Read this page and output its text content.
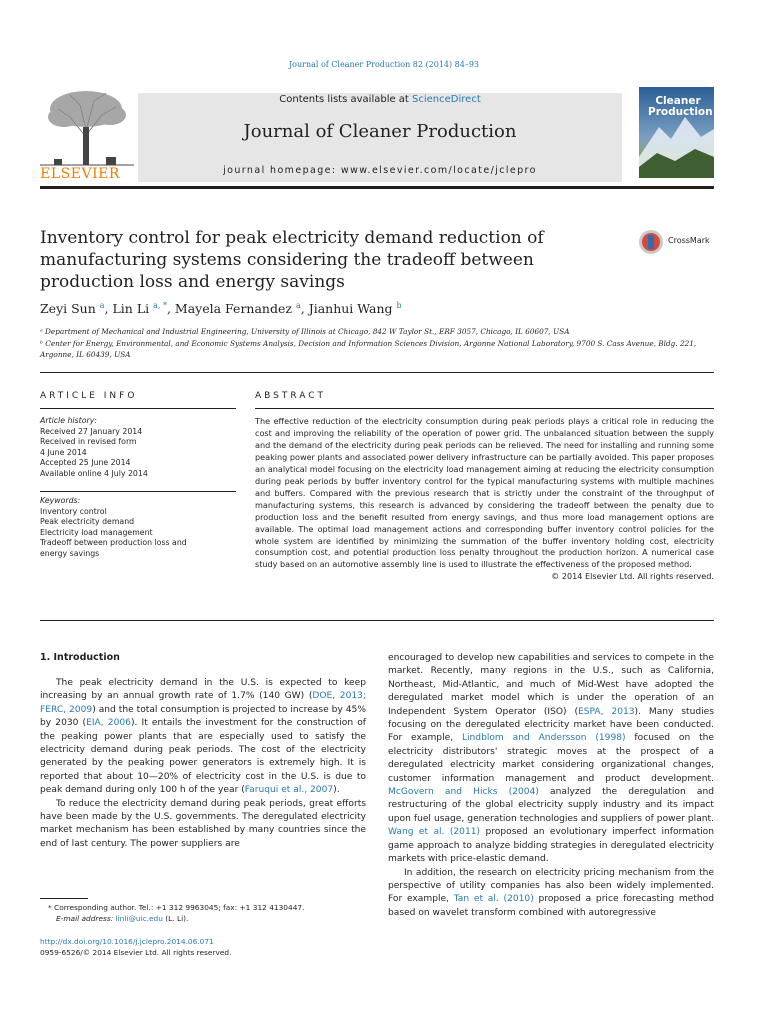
Journal of Cleaner Production 82 (2014) 84–93
ELSEVIER
Contents lists available at ScienceDirect
Journal of Cleaner Production
journal homepage: www.elsevier.com/locate/jclepro
Cleaner
Production
Inventory control for peak electricity demand reduction of manufacturing systems considering the tradeoff between production loss and energy savings
CrossMark
Zeyi Sun $^a$, Lin Li $^{a, *}$, Mayela Fernandez $^a$, Jianhui Wang $^b$
ᵃ Department of Mechanical and Industrial Engineering, University of Illinois at Chicago, 842 W Taylor St., ERF 3057, Chicago, IL 60607, USA
ᵇ Center for Energy, Environmental, and Economic Systems Analysis, Decision and Information Sciences Division, Argonne National Laboratory, 9700 S. Cass Avenue, Bldg. 221, Argonne, IL 60439, USA
ARTICLE INFO
Article history:
Received 27 January 2014
Received in revised form
4 June 2014
Accepted 25 June 2014
Available online 4 July 2014
Keywords:
Inventory control
Peak electricity demand
Electricity load management
Tradeoff between production loss and
energy savings
ABSTRACT
The effective reduction of the electricity consumption during peak periods plays a critical role in reducing the cost and improving the reliability of the operation of power grid. The unbalanced situation between the supply and the demand of the electricity during peak periods can be relieved. The need for installing and running some peaking power plants and associated power delivery infrastructure can be partially avoided. This paper proposes an analytical model focusing on the electricity load management aiming at reducing the electricity consumption during peak periods by buffer inventory control for the typical manufacturing systems with multiple machines and buffers. Compared with the previous research that is strictly under the constraint of the throughput of manufacturing systems, this research is advanced by considering the tradeoff between the penalty due to production loss and the benefit resulted from energy savings, and thus more load management options are available. The optimal load management actions and corresponding buffer inventory control policies for the whole system are identified by minimizing the summation of the buffer inventory holding cost, electricity consumption cost, and potential production loss penalty throughout the production horizon. A numerical case study based on an automotive assembly line is used to illustrate the effectiveness of the proposed method.
© 2014 Elsevier Ltd. All rights reserved.
1. Introduction

The peak electricity demand in the U.S. is expected to keep increasing by an annual growth rate of 1.7% (140 GW) (DOE, 2013; FERC, 2009) and the total consumption is projected to increase by 45% by 2030 (EIA, 2006). It entails the investment for the construction of the peaking power plants that are especially used to satisfy the electricity demand during peak periods. The cost of the electricity generated by the peaking power generators is extremely high. It is reported that about 10—20% of electricity cost in the U.S. is due to peak demand during only 100 h of the year (Faruqui et al., 2007).

To reduce the electricity demand during peak periods, great efforts have been made by the U.S. governments. The deregulated electricity market mechanism has been established by many countries since the end of last century. The power suppliers are

encouraged to develop new capabilities and services to compete in the market. Recently, many regions in the U.S., such as California, Northeast, Mid-Atlantic, and much of Mid-West have adopted the deregulated market model which is under the operation of an Independent System Operator (ISO) (ESPA, 2013). Many studies focusing on the deregulated electricity market have been conducted. For example, Lindblom and Andersson (1998) focused on the electricity distributors' strategic moves at the prospect of a deregulated electricity market considering organizational changes, customer information management and product development. McGovern and Hicks (2004) analyzed the deregulation and restructuring of the global electricity supply industry and its impact upon fuel usage, generation technologies and suppliers of power plant. Wang et al. (2011) proposed an evolutionary imperfect information game approach to analyze bidding strategies in deregulated electricity markets with price-elastic demand.

In addition, the research on electricity pricing mechanism from the perspective of utility companies has also been widely implemented. For example, Tan et al. (2010) proposed a price forecasting method based on wavelet transform combined with autoregressive

* Corresponding author. Tel.: +1 312 9963045; fax: +1 312 4130447.
E-mail address: linli@uic.edu (L. Li).
http://dx.doi.org/10.1016/j.jclepro.2014.06.071
0959-6526/© 2014 Elsevier Ltd. All rights reserved.
